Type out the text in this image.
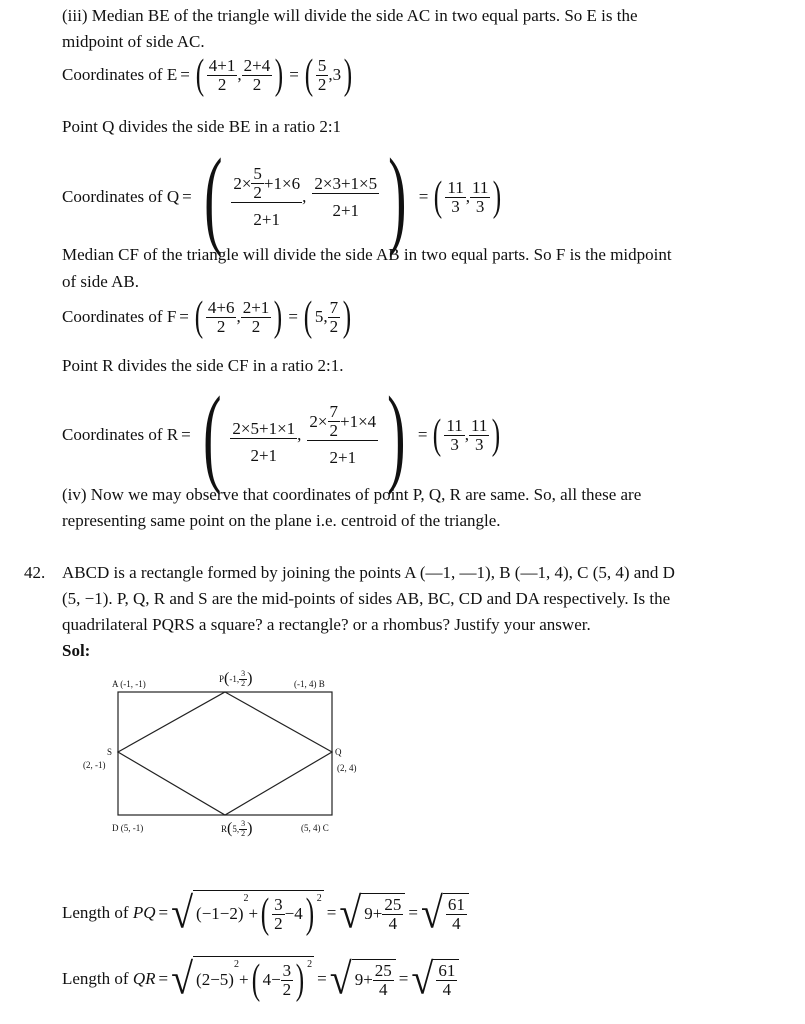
(iii) Median BE of the triangle will divide the side AC in two equal parts. So E is the
midpoint of side AC.
Coordinates of E = ( $\frac{4+1}{2}$ , $\frac{2+4}{2}$ ) = ( $\frac{5}{2} ,3$ )
Point Q divides the side BE in a ratio 2:1
Coordinates of Q = ( $\frac{2\times \frac{5}{2} +1\times 6}{2+1}$ , $\frac{2\times 3+1\times 5}{2+1}$ ) = ( $\frac{11}{3}$ , $\frac{11}{3}$ )
Median CF of the triangle will divide the side AB in two equal parts. So F is the midpoint
of side AB.
Coordinates of F = ( $\frac{4+6}{2}$ , $\frac{2+1}{2}$ ) = ( 5, $\frac{7}{2}$ )
Point R divides the side CF in a ratio 2:1.
Coordinates of R = ( $\frac{2\times 5+1\times 1}{2+1}$ , $\frac{2\times \frac{7}{2} +1\times 4}{2+1}$ ) = ( $\frac{11}{3}$ , $\frac{11}{3}$ )
(iv) Now we may observe that coordinates of point P, Q, R are same. So, all these are
representing same point on the plane i.e. centroid of the triangle.
42. ABCD is a rectangle formed by joining the points A (—1, —1), B (—1, 4), C (5, 4) and D
(5, −1). P, Q, R and S are the mid-points of sides AB, BC, CD and DA respectively. Is the
quadrilateral PQRS a square? a rectangle? or a rhombus? Justify your answer.
Sol:
A (-1, -1)	(-1, 4) B
(5, 4) C
D (5, -1)
P ( -1, $\frac{3}{2}$ )
R ( 5, $\frac{3}{2}$ )
S
(2, -1)
Q
(2, 4)
Length of
PQ = √ (−1−2)
2
+ ( $\frac{3}{2} -4$ ) $^2$
= √ $9+ \frac{25}{4}$ = √ $\frac{61}{4}$
Length of
QR = √ (2−5)
2
+ ( $4- \frac{3}{2}$ ) $^2$
= √ $9+ \frac{25}{4}$ = √ $\frac{61}{4}$
